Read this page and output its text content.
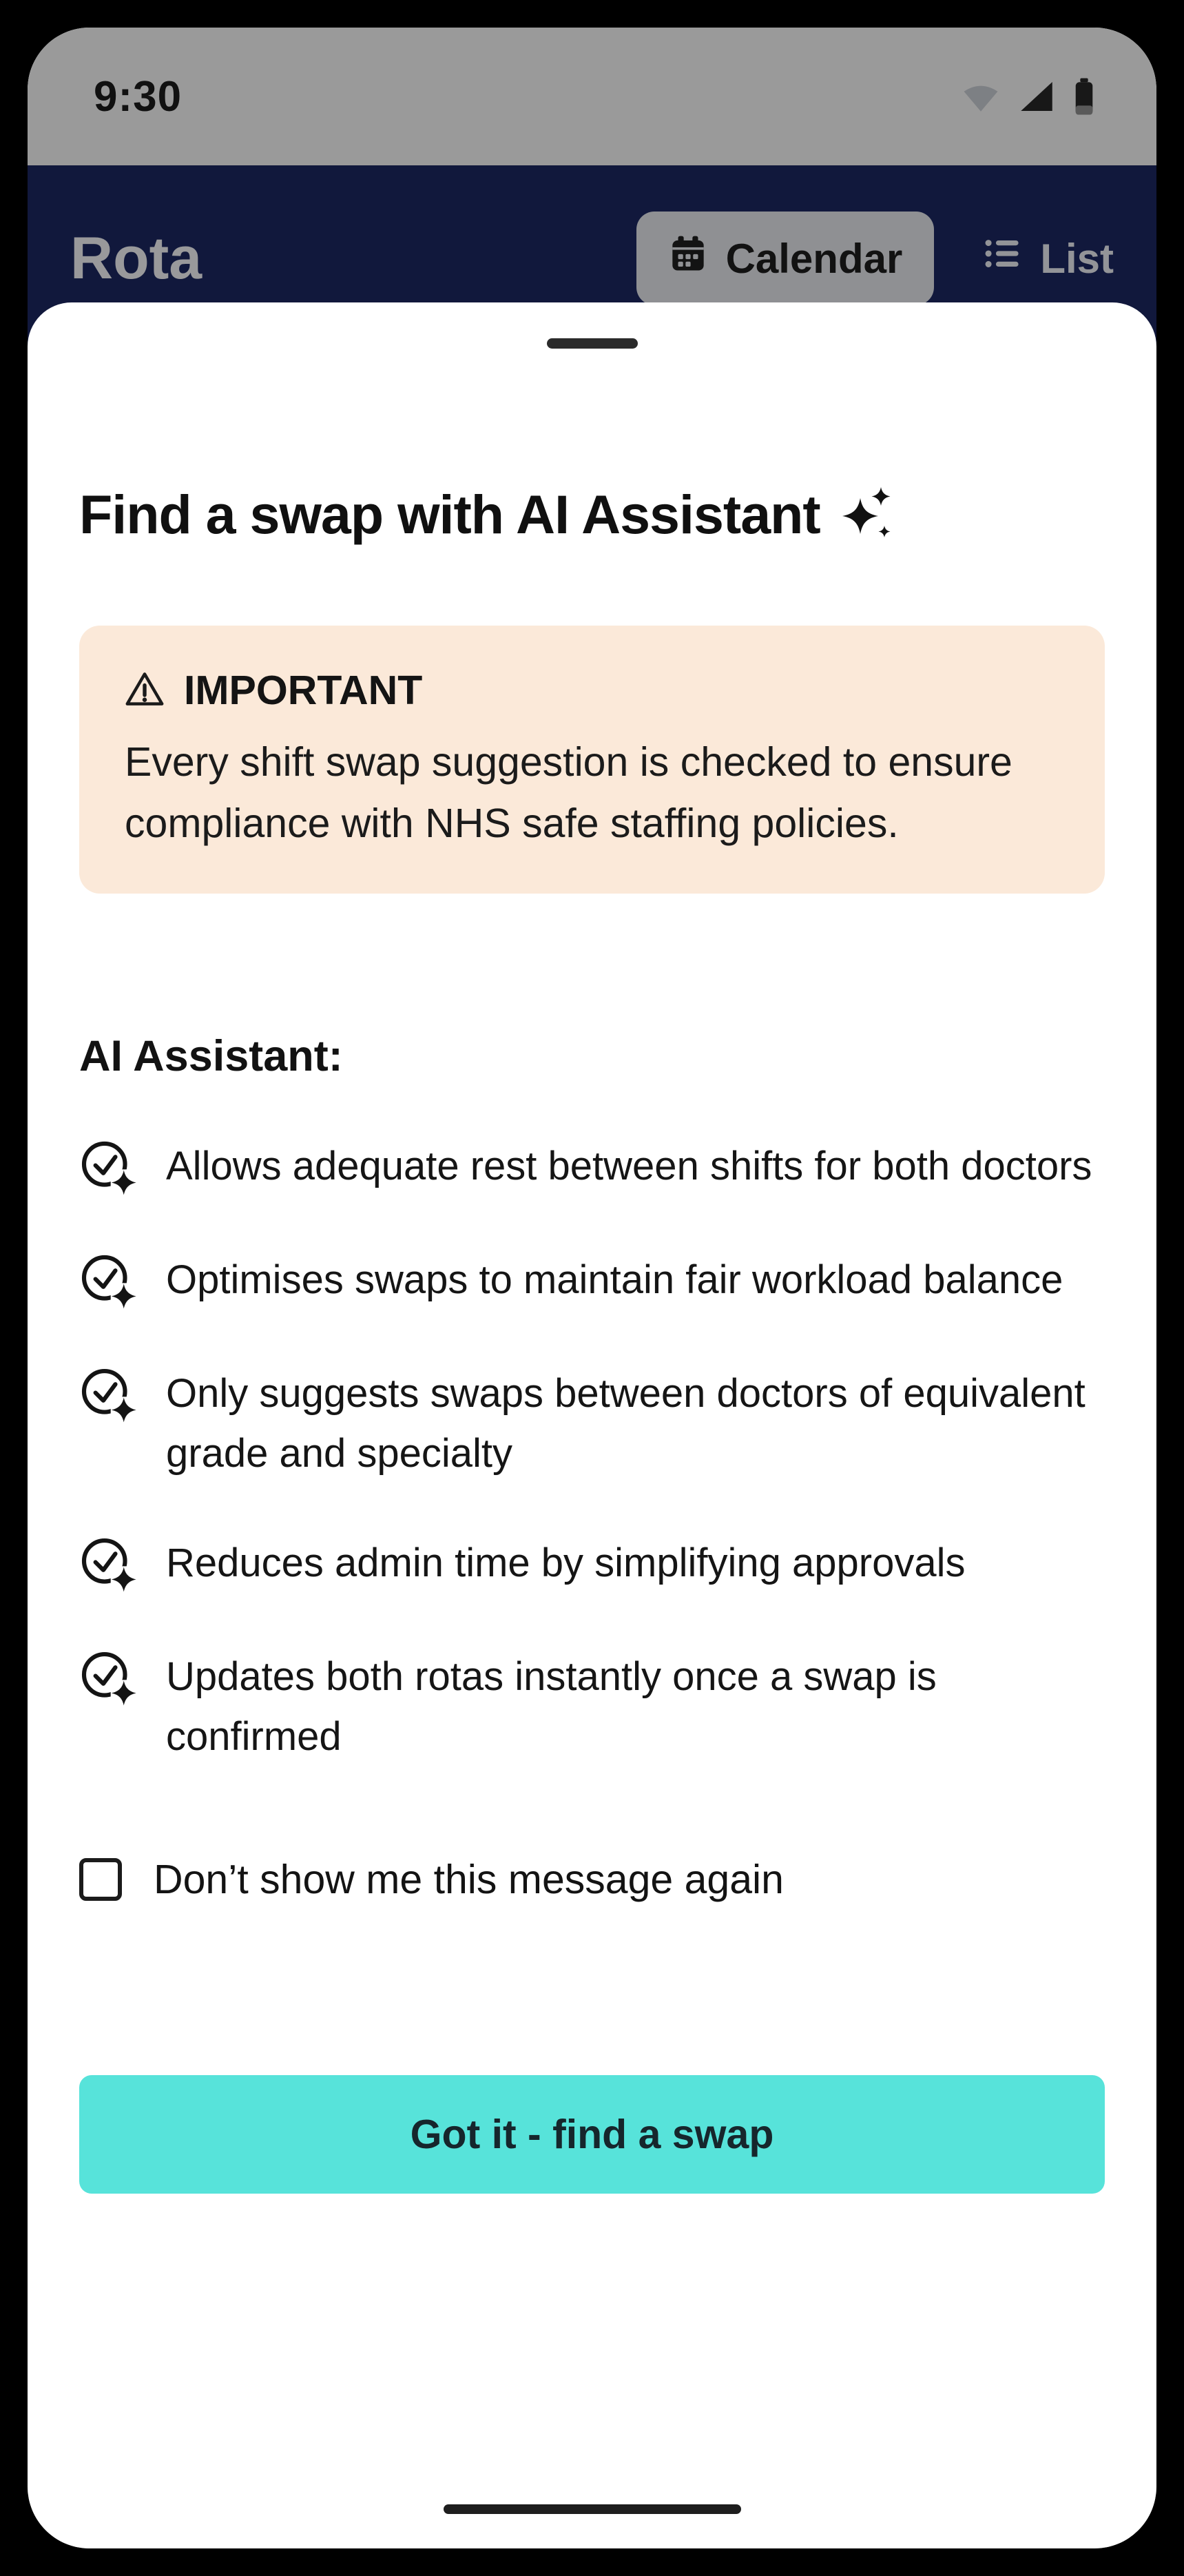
9:30
Rota	Calendar	List
Find a swap with AI Assistant
IMPORTANT
Every shift swap suggestion is checked to ensure compliance with NHS safe staffing policies.
AI Assistant:
Allows adequate rest between shifts for both doctors
Optimises swaps to maintain fair workload balance
Only suggests swaps between doctors of equivalent grade and specialty
Reduces admin time by simplifying approvals
Updates both rotas instantly once a swap is confirmed
Don’t show me this message again
Got it - find a swap
